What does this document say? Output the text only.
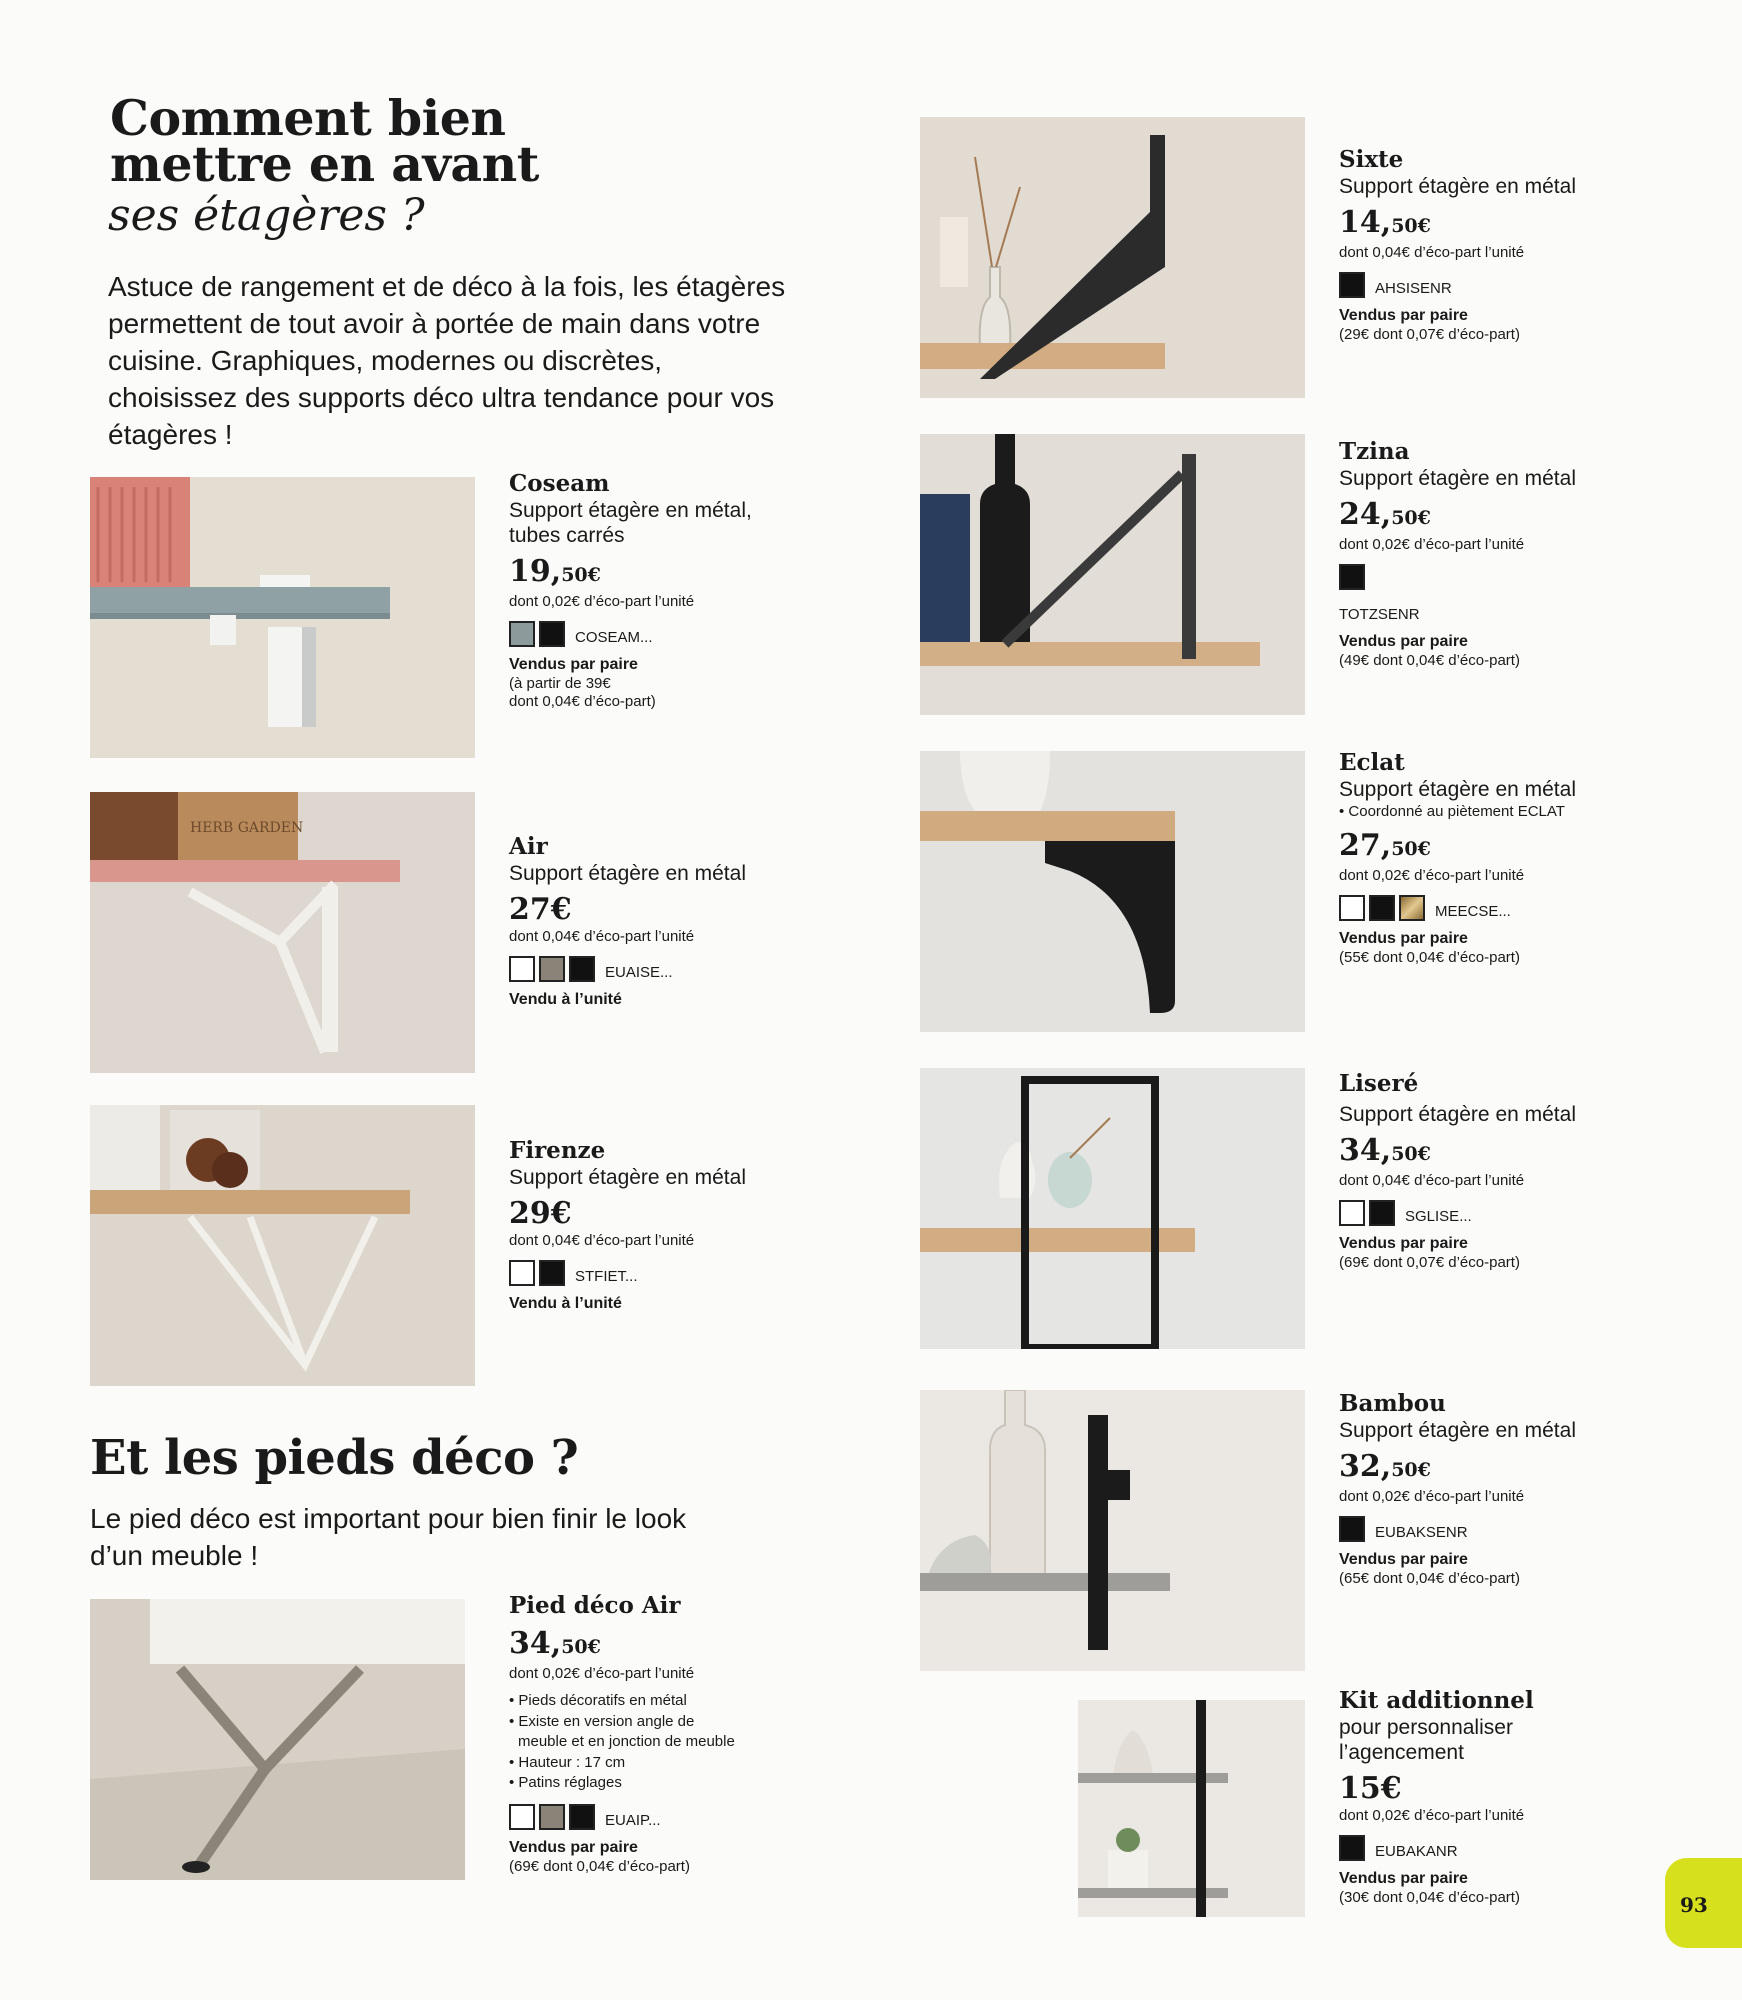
Comment bien
mettre en avant
ses étagères ?
Astuce de rangement et de déco à la fois, les étagères permettent de tout avoir à portée de main dans votre cuisine. Graphiques, modernes ou discrètes, choisissez des supports déco ultra tendance pour vos étagères !
HERB GARDEN
Coseam
Support étagère en métal, tubes carrés
19,50€
dont 0,02€ d’éco-part l’unité
COSEAM...
Vendus par paire
(à partir de 39€
dont 0,04€ d’éco-part)
Air
Support étagère en métal
27€
dont 0,04€ d’éco-part l’unité
EUAISE...
Vendu à l’unité
Firenze
Support étagère en métal
29€
dont 0,04€ d’éco-part l’unité
STFIET...
Vendu à l’unité
Et les pieds déco ?
Le pied déco est important pour bien finir le look d’un meuble !
Pied déco Air
34,50€
dont 0,02€ d’éco-part l’unité
• Pieds décoratifs en métal
• Existe en version angle de
meuble et en jonction de meuble
• Hauteur : 17 cm
• Patins réglages
EUAIP...
Vendus par paire
(69€ dont 0,04€ d’éco-part)
Sixte
Support étagère en métal
14,50€
dont 0,04€ d’éco-part l’unité
AHSISENR
Vendus par paire
(29€ dont 0,07€ d’éco-part)
Tzina
Support étagère en métal
24,50€
dont 0,02€ d’éco-part l’unité
TOTZSENR
Vendus par paire
(49€ dont 0,04€ d’éco-part)
Eclat
Support étagère en métal
• Coordonné au piètement ECLAT
27,50€
dont 0,02€ d’éco-part l’unité
MEECSE...
Vendus par paire
(55€ dont 0,04€ d’éco-part)
Liseré
Support étagère en métal
34,50€
dont 0,04€ d’éco-part l’unité
SGLISE...
Vendus par paire
(69€ dont 0,07€ d’éco-part)
Bambou
Support étagère en métal
32,50€
dont 0,02€ d’éco-part l’unité
EUBAKSENR
Vendus par paire
(65€ dont 0,04€ d’éco-part)
Kit additionnel
pour personnaliser l’agencement
15€
dont 0,02€ d’éco-part l’unité
EUBAKANR
Vendus par paire
(30€ dont 0,04€ d’éco-part)	93
